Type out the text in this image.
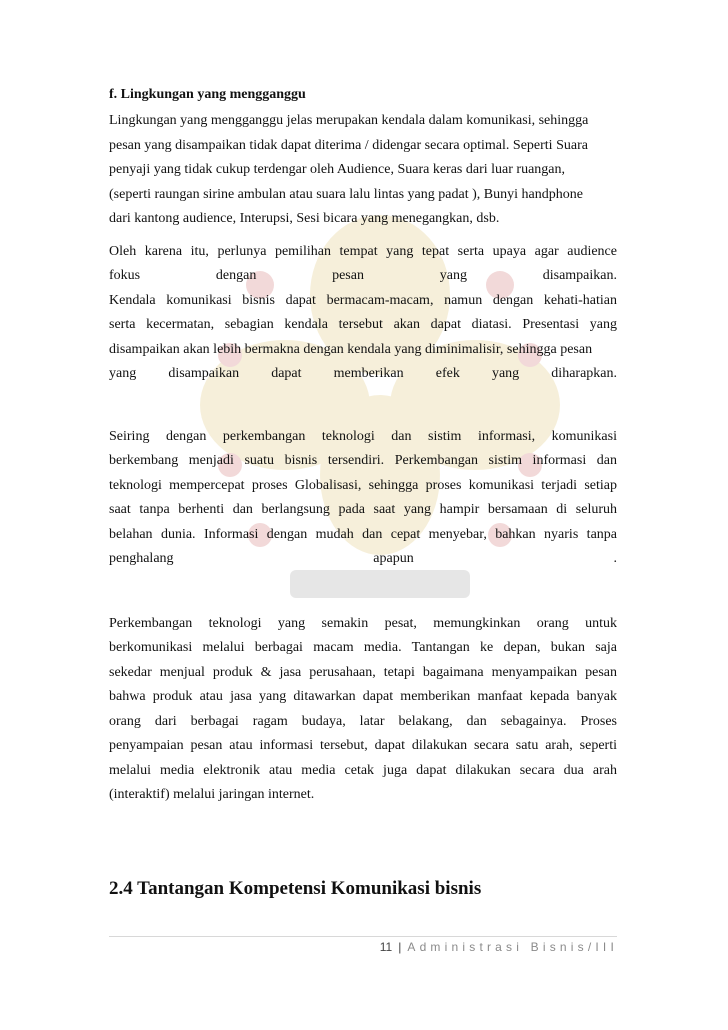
f. Lingkungan yang mengganggu

Lingkungan yang mengganggu jelas merupakan kendala dalam komunikasi, sehingga

pesan yang disampaikan tidak dapat diterima / didengar secara optimal. Seperti Suara

penyaji yang tidak cukup terdengar oleh Audience, Suara keras dari luar ruangan,

(seperti raungan sirine ambulan atau suara lalu lintas yang padat ), Bunyi handphone

dari kantong audience, Interupsi, Sesi bicara yang menegangkan, dsb.

Oleh karena itu, perlunya pemilihan tempat yang tepat serta upaya agar audience

fokus dengan pesan yang disampaikan.

Kendala komunikasi bisnis dapat bermacam-macam, namun dengan kehati-hatian

serta kecermatan, sebagian kendala tersebut akan dapat diatasi. Presentasi yang

disampaikan akan lebih bermakna dengan kendala yang diminimalisir, sehingga pesan

yang disampaikan dapat memberikan efek yang diharapkan.

Seiring dengan perkembangan teknologi dan sistim informasi, komunikasi

berkembang menjadi suatu bisnis tersendiri. Perkembangan sistim informasi dan

teknologi mempercepat proses Globalisasi, sehingga proses komunikasi terjadi setiap

saat tanpa berhenti dan berlangsung pada saat yang hampir bersamaan di seluruh

belahan dunia. Informasi dengan mudah dan cepat menyebar, bahkan nyaris tanpa

penghalang apapun .

Perkembangan teknologi yang semakin pesat, memungkinkan orang untuk

berkomunikasi melalui berbagai macam media. Tantangan ke depan, bukan saja

sekedar menjual produk & jasa perusahaan, tetapi bagaimana menyampaikan pesan

bahwa produk atau jasa yang ditawarkan dapat memberikan manfaat kepada banyak

orang dari berbagai ragam budaya, latar belakang, dan sebagainya. Proses

penyampaian pesan atau informasi tersebut, dapat dilakukan secara satu arah, seperti

melalui media elektronik atau media cetak juga dapat dilakukan secara dua arah

(interaktif) melalui jaringan internet.

2.4 Tantangan Kompetensi Komunikasi bisnis
11 | Administrasi Bisnis/III
